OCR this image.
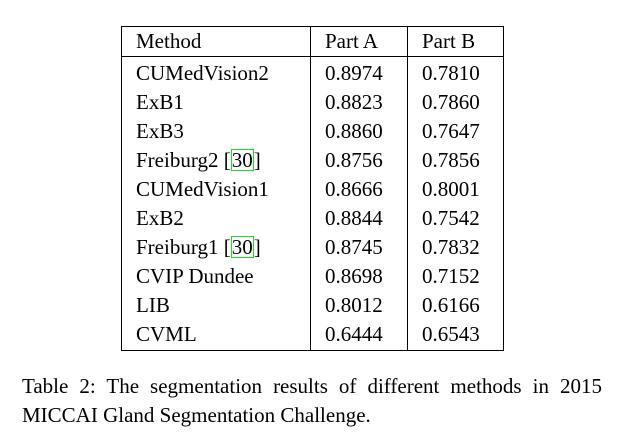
Method	Part A	Part B
CUMedVision2	0.8974	0.7810
ExB1	0.8823	0.7860
ExB3	0.8860	0.7647
Freiburg2 [30]	0.8756	0.7856
CUMedVision1	0.8666	0.8001
ExB2	0.8844	0.7542
Freiburg1 [30]	0.8745	0.7832
CVIP Dundee	0.8698	0.7152
LIB	0.8012	0.6166
CVML	0.6444	0.6543
Table 2: The segmentation results of different methods in 2015 MICCAI Gland Segmentation Challenge.
